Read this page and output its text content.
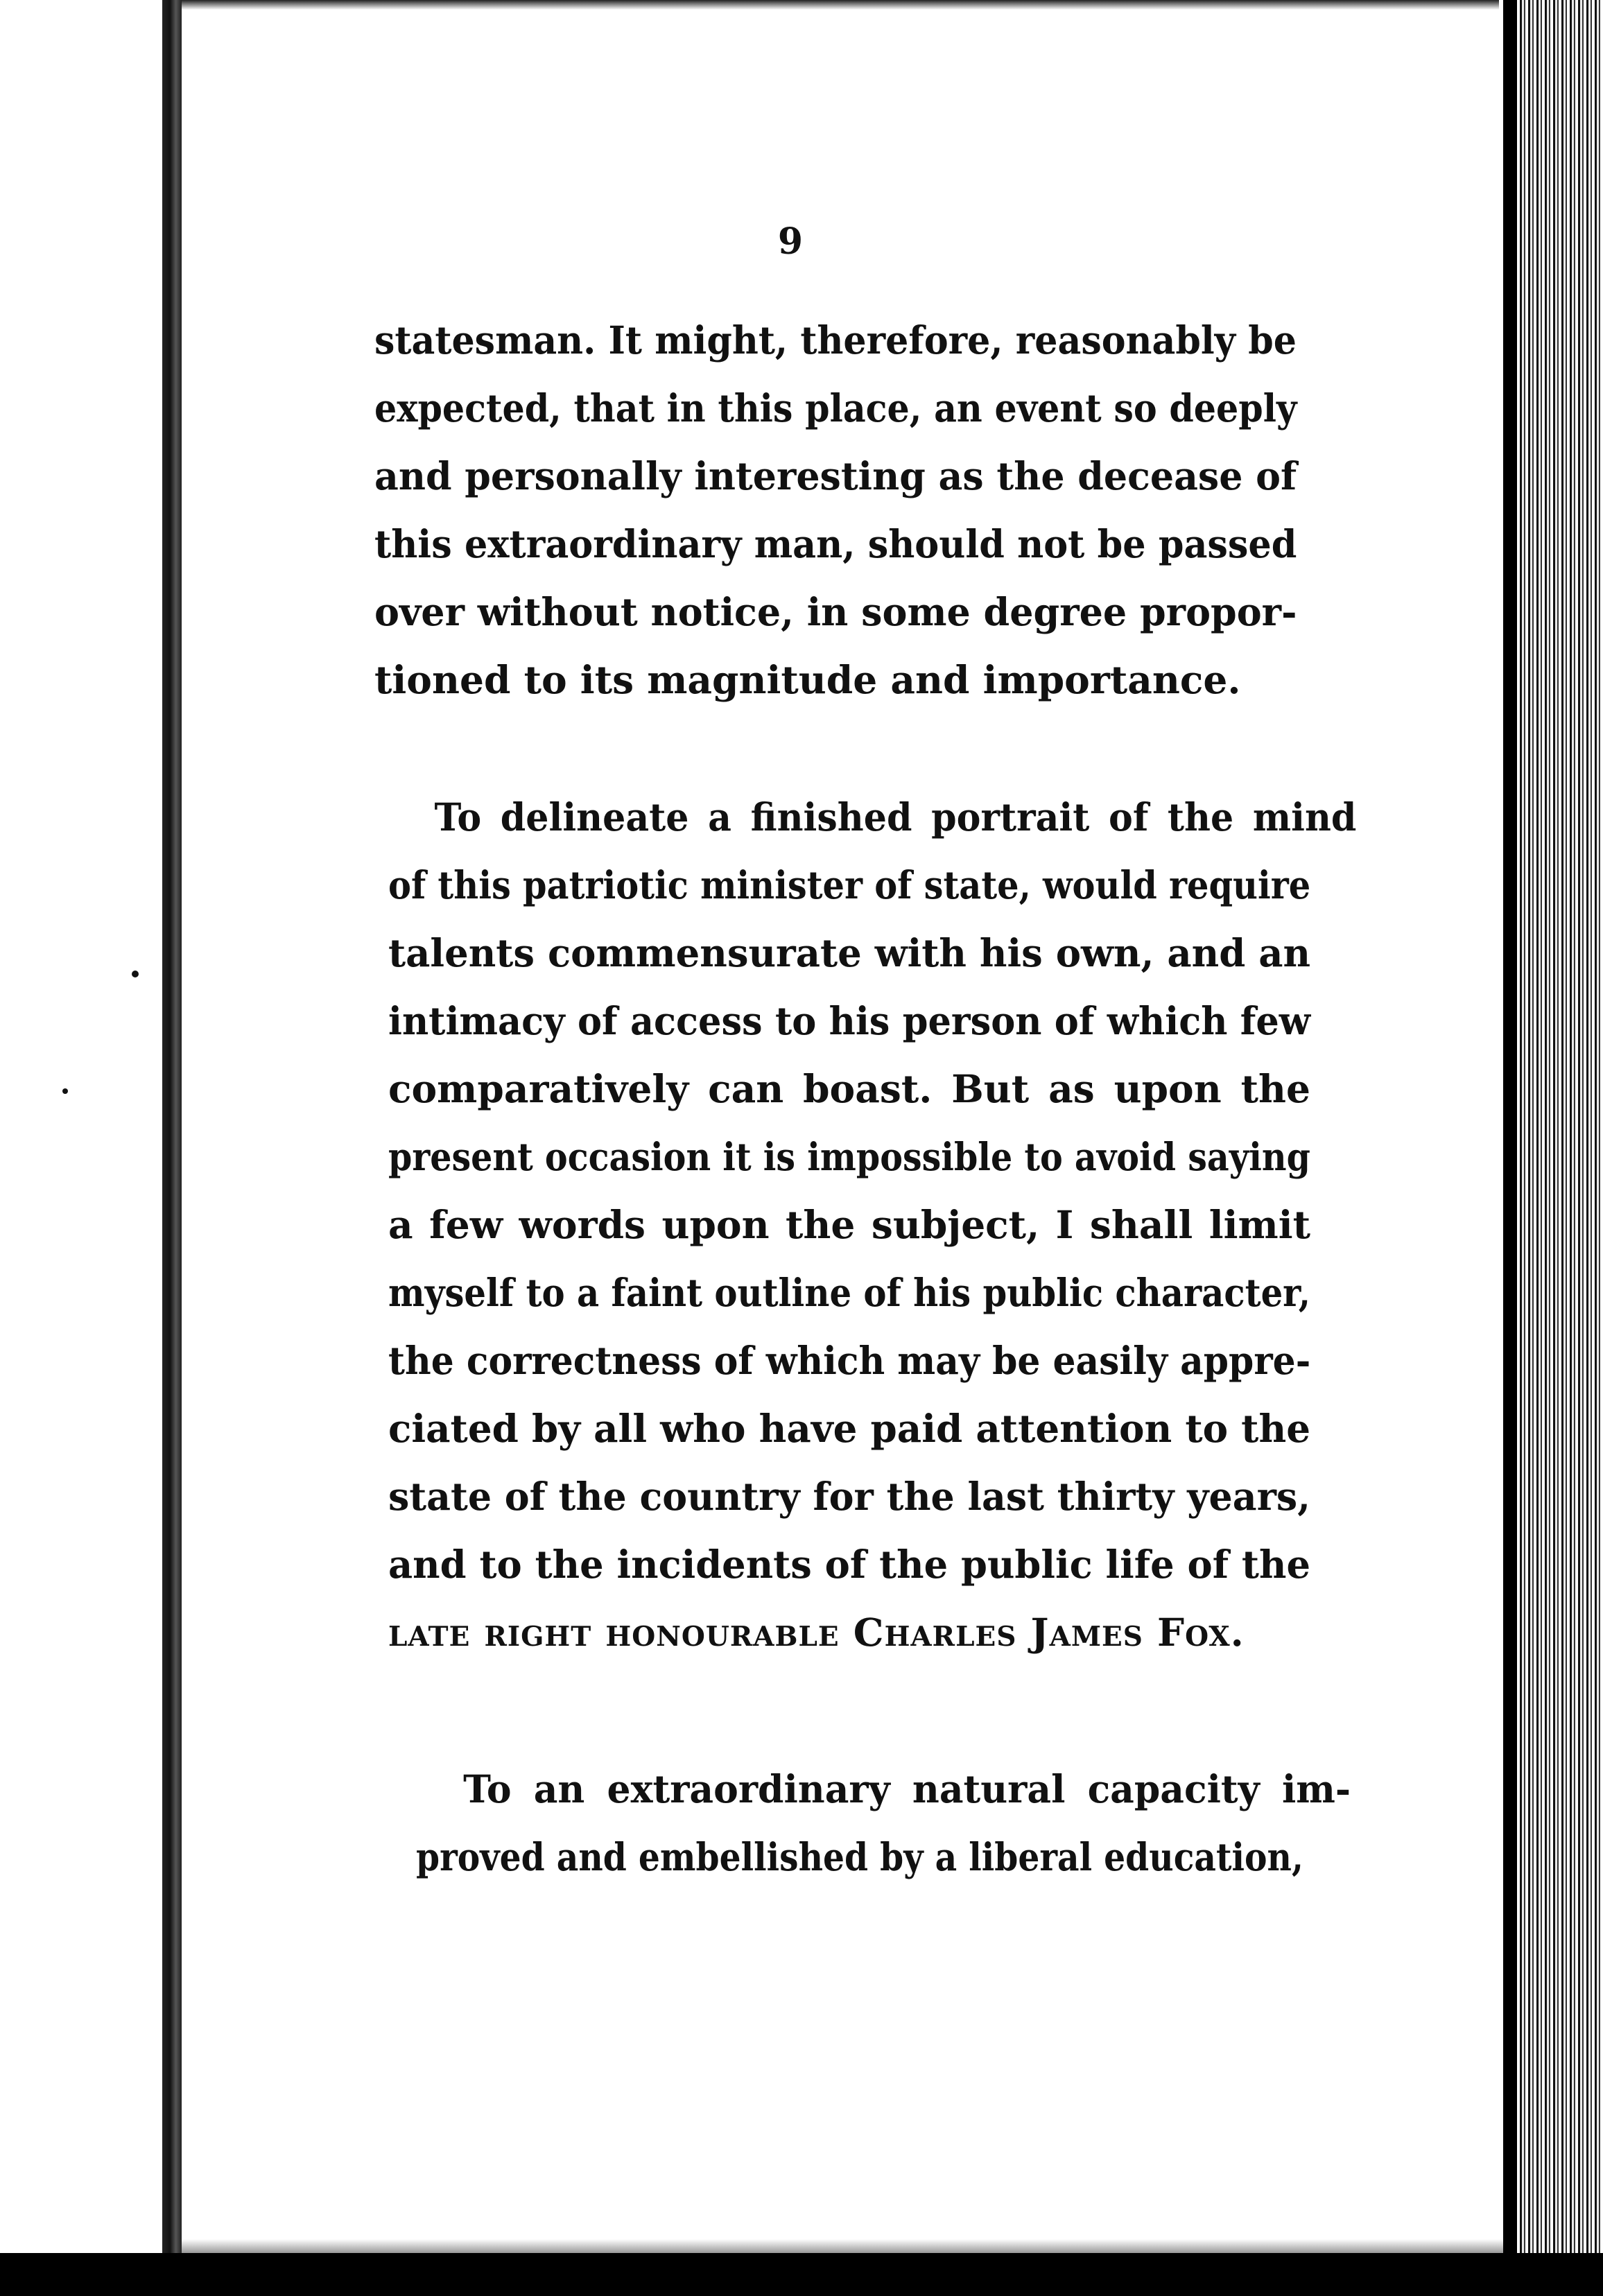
9
statesman. It might, therefore, reasonably be
expected, that in this place, an event so deeply
and personally interesting as the decease of
this extraordinary man, should not be passed
over without notice, in some degree propor-
tioned to its magnitude and importance.
To delineate a finished portrait of the mind
of this patriotic minister of state, would require
talents commensurate with his own, and an
intimacy of access to his person of which few
comparatively can boast. But as upon the
present occasion it is impossible to avoid saying
a few words upon the subject, I shall limit
myself to a faint outline of his public character,
the correctness of which may be easily appre-
ciated by all who have paid attention to the
state of the country for the last thirty years,
and to the incidents of the public life of the
late right honourable Charles James Fox.
To an extraordinary natural capacity im-
proved and embellished by a liberal education,
